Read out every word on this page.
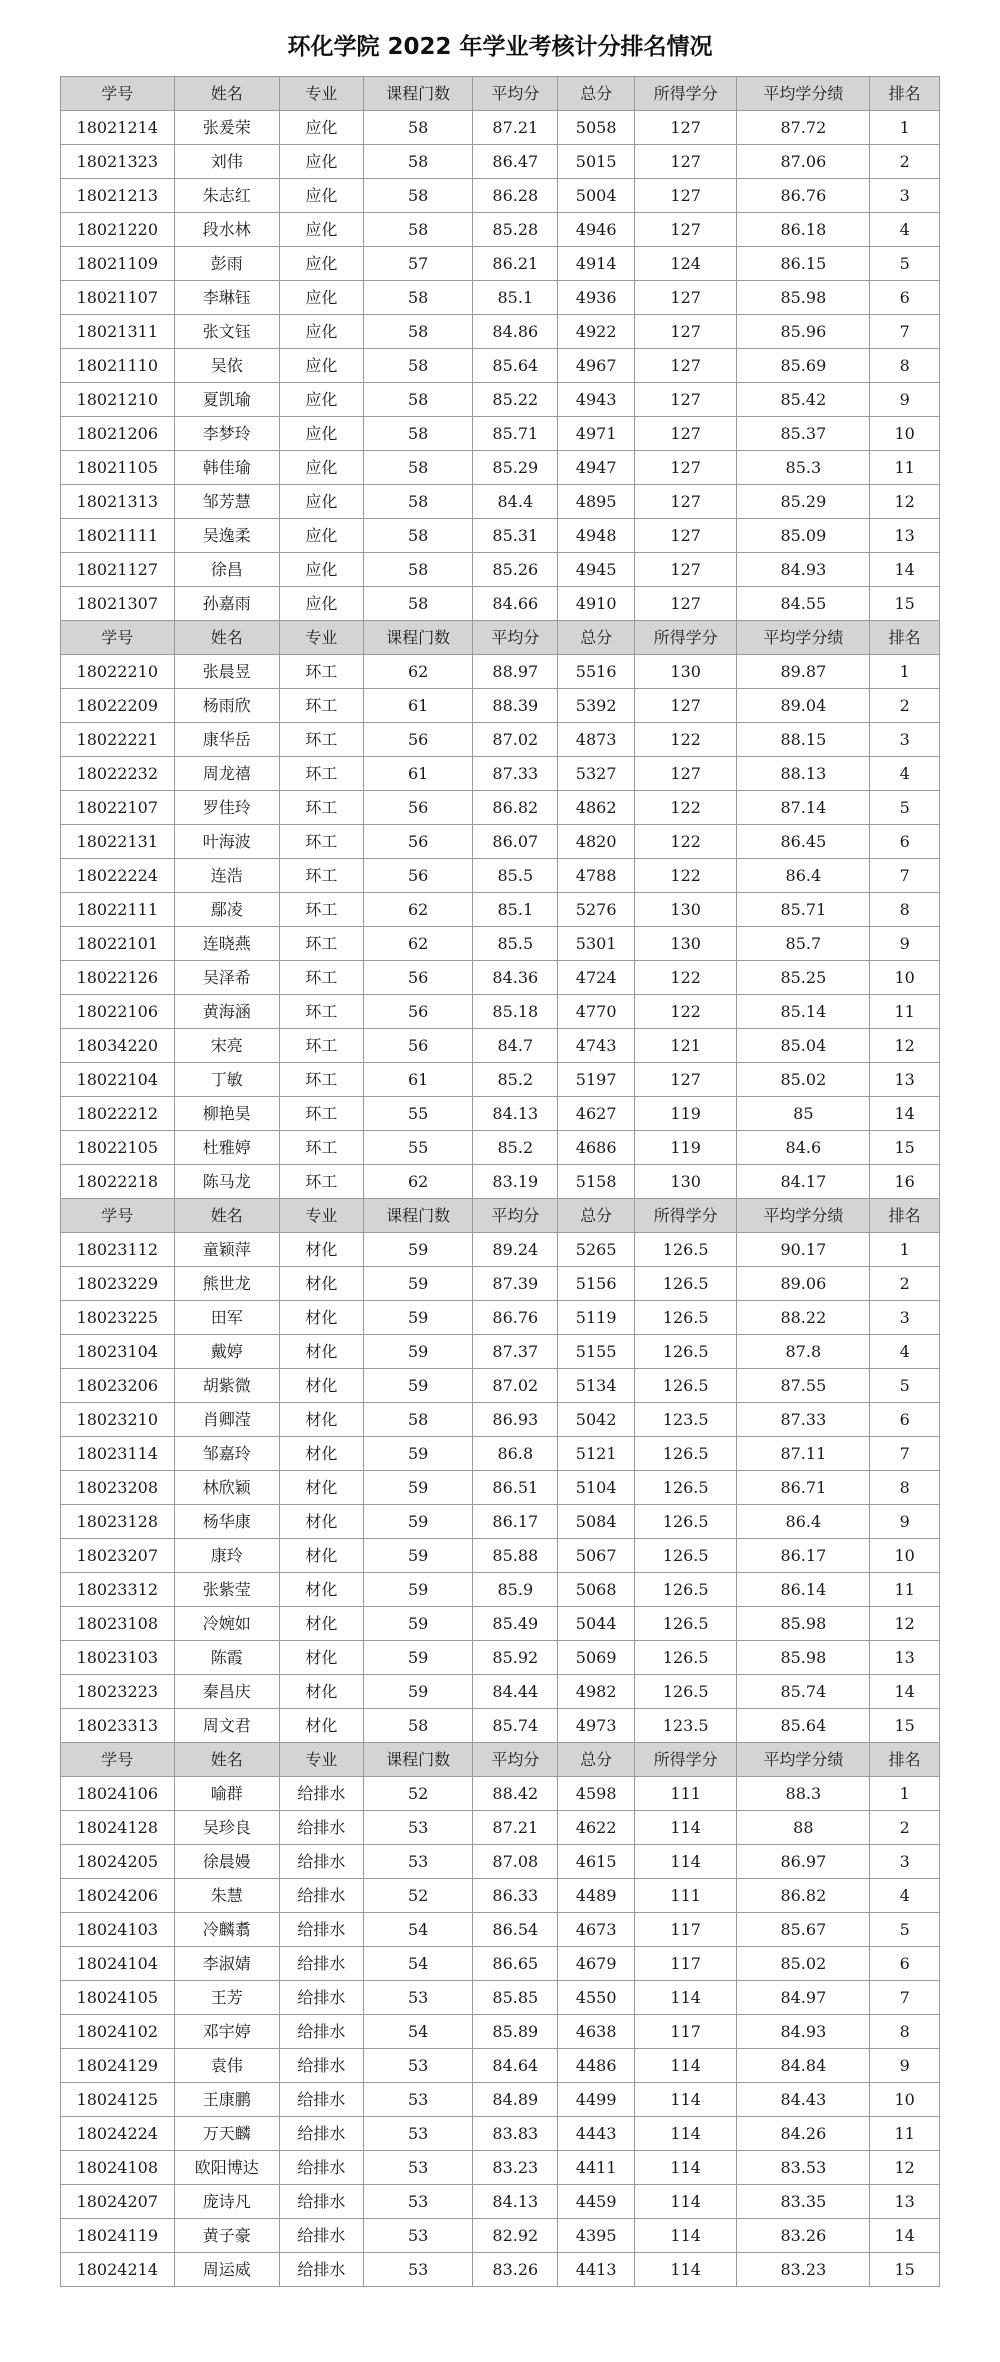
环化学院 2022 年学业考核计分排名情况
学号	姓名	专业	课程门数	平均分	总分	所得学分	平均学分绩	排名
18021214	张爰荣	应化	58	87.21	5058	127	87.72	1
18021323	刘伟	应化	58	86.47	5015	127	87.06	2
18021213	朱志红	应化	58	86.28	5004	127	86.76	3
18021220	段水林	应化	58	85.28	4946	127	86.18	4
18021109	彭雨	应化	57	86.21	4914	124	86.15	5
18021107	李琳钰	应化	58	85.1	4936	127	85.98	6
18021311	张文钰	应化	58	84.86	4922	127	85.96	7
18021110	吴依	应化	58	85.64	4967	127	85.69	8
18021210	夏凯瑜	应化	58	85.22	4943	127	85.42	9
18021206	李梦玲	应化	58	85.71	4971	127	85.37	10
18021105	韩佳瑜	应化	58	85.29	4947	127	85.3	11
18021313	邹芳慧	应化	58	84.4	4895	127	85.29	12
18021111	吴逸柔	应化	58	85.31	4948	127	85.09	13
18021127	徐昌	应化	58	85.26	4945	127	84.93	14
18021307	孙嘉雨	应化	58	84.66	4910	127	84.55	15
学号	姓名	专业	课程门数	平均分	总分	所得学分	平均学分绩	排名
18022210	张晨昱	环工	62	88.97	5516	130	89.87	1
18022209	杨雨欣	环工	61	88.39	5392	127	89.04	2
18022221	康华岳	环工	56	87.02	4873	122	88.15	3
18022232	周龙禧	环工	61	87.33	5327	127	88.13	4
18022107	罗佳玲	环工	56	86.82	4862	122	87.14	5
18022131	叶海波	环工	56	86.07	4820	122	86.45	6
18022224	连浩	环工	56	85.5	4788	122	86.4	7
18022111	鄢凌	环工	62	85.1	5276	130	85.71	8
18022101	连晓燕	环工	62	85.5	5301	130	85.7	9
18022126	吴泽希	环工	56	84.36	4724	122	85.25	10
18022106	黄海涵	环工	56	85.18	4770	122	85.14	11
18034220	宋亮	环工	56	84.7	4743	121	85.04	12
18022104	丁敏	环工	61	85.2	5197	127	85.02	13
18022212	柳艳昊	环工	55	84.13	4627	119	85	14
18022105	杜雅婷	环工	55	85.2	4686	119	84.6	15
18022218	陈马龙	环工	62	83.19	5158	130	84.17	16
学号	姓名	专业	课程门数	平均分	总分	所得学分	平均学分绩	排名
18023112	童颖萍	材化	59	89.24	5265	126.5	90.17	1
18023229	熊世龙	材化	59	87.39	5156	126.5	89.06	2
18023225	田军	材化	59	86.76	5119	126.5	88.22	3
18023104	戴婷	材化	59	87.37	5155	126.5	87.8	4
18023206	胡紫微	材化	59	87.02	5134	126.5	87.55	5
18023210	肖卿滢	材化	58	86.93	5042	123.5	87.33	6
18023114	邹嘉玲	材化	59	86.8	5121	126.5	87.11	7
18023208	林欣颖	材化	59	86.51	5104	126.5	86.71	8
18023128	杨华康	材化	59	86.17	5084	126.5	86.4	9
18023207	康玲	材化	59	85.88	5067	126.5	86.17	10
18023312	张紫莹	材化	59	85.9	5068	126.5	86.14	11
18023108	冷婉如	材化	59	85.49	5044	126.5	85.98	12
18023103	陈霞	材化	59	85.92	5069	126.5	85.98	13
18023223	秦昌庆	材化	59	84.44	4982	126.5	85.74	14
18023313	周文君	材化	58	85.74	4973	123.5	85.64	15
学号	姓名	专业	课程门数	平均分	总分	所得学分	平均学分绩	排名
18024106	喻群	给排水	52	88.42	4598	111	88.3	1
18024128	吴珍良	给排水	53	87.21	4622	114	88	2
18024205	徐晨嫚	给排水	53	87.08	4615	114	86.97	3
18024206	朱慧	给排水	52	86.33	4489	111	86.82	4
18024103	冷麟翥	给排水	54	86.54	4673	117	85.67	5
18024104	李淑婧	给排水	54	86.65	4679	117	85.02	6
18024105	王芳	给排水	53	85.85	4550	114	84.97	7
18024102	邓宇婷	给排水	54	85.89	4638	117	84.93	8
18024129	袁伟	给排水	53	84.64	4486	114	84.84	9
18024125	王康鹏	给排水	53	84.89	4499	114	84.43	10
18024224	万天麟	给排水	53	83.83	4443	114	84.26	11
18024108	欧阳博达	给排水	53	83.23	4411	114	83.53	12
18024207	庞诗凡	给排水	53	84.13	4459	114	83.35	13
18024119	黄子豪	给排水	53	82.92	4395	114	83.26	14
18024214	周运威	给排水	53	83.26	4413	114	83.23	15
